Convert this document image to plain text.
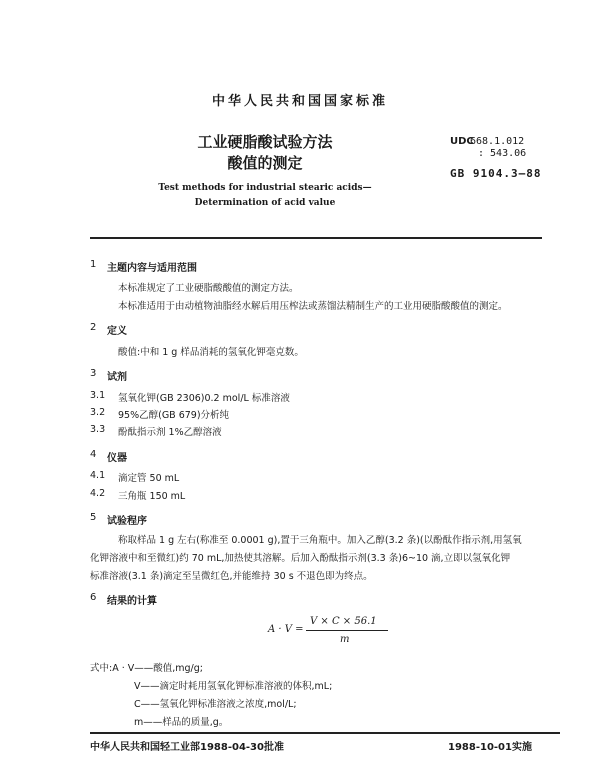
中华人民共和国国家标准
工业硬脂酸试验方法
酸值的测定
UDC
668.1.012
: 543.06
GB 9104.3—88
Test methods for industrial stearic acids—
Determination of acid value
1 主题内容与适用范围
本标准规定了工业硬脂酸酸值的测定方法。
本标准适用于由动植物油脂经水解后用压榨法或蒸馏法精制生产的工业用硬脂酸酸值的测定。
2 定义
酸值:中和 1 g 样品消耗的氢氧化钾毫克数。
3 试剂
3.1 氢氧化钾(GB 2306)0.2 mol/L 标准溶液
3.2 95%乙醇(GB 679)分析纯
3.3 酚酞指示剂 1%乙醇溶液
4 仪器
4.1 滴定管 50 mL
4.2 三角瓶 150 mL
5 试验程序
称取样品 1 g 左右(称准至 0.0001 g),置于三角瓶中。加入乙醇(3.2 条)(以酚酞作指示剂,用氢氧
化钾溶液中和至微红)约 70 mL,加热使其溶解。后加入酚酞指示剂(3.3 条)6~10 滴,立即以氢氧化钾
标准溶液(3.1 条)滴定至呈微红色,并能维持 30 s 不退色即为终点。
6 结果的计算
A · V =
V × C × 56.1
m
式中:A · V——酸值,mg/g;
V——滴定时耗用氢氧化钾标准溶液的体积,mL;
C——氢氧化钾标准溶液之浓度,mol/L;
m——样品的质量,g。
中华人民共和国轻工业部1988-04-30批准	1988-10-01实施
